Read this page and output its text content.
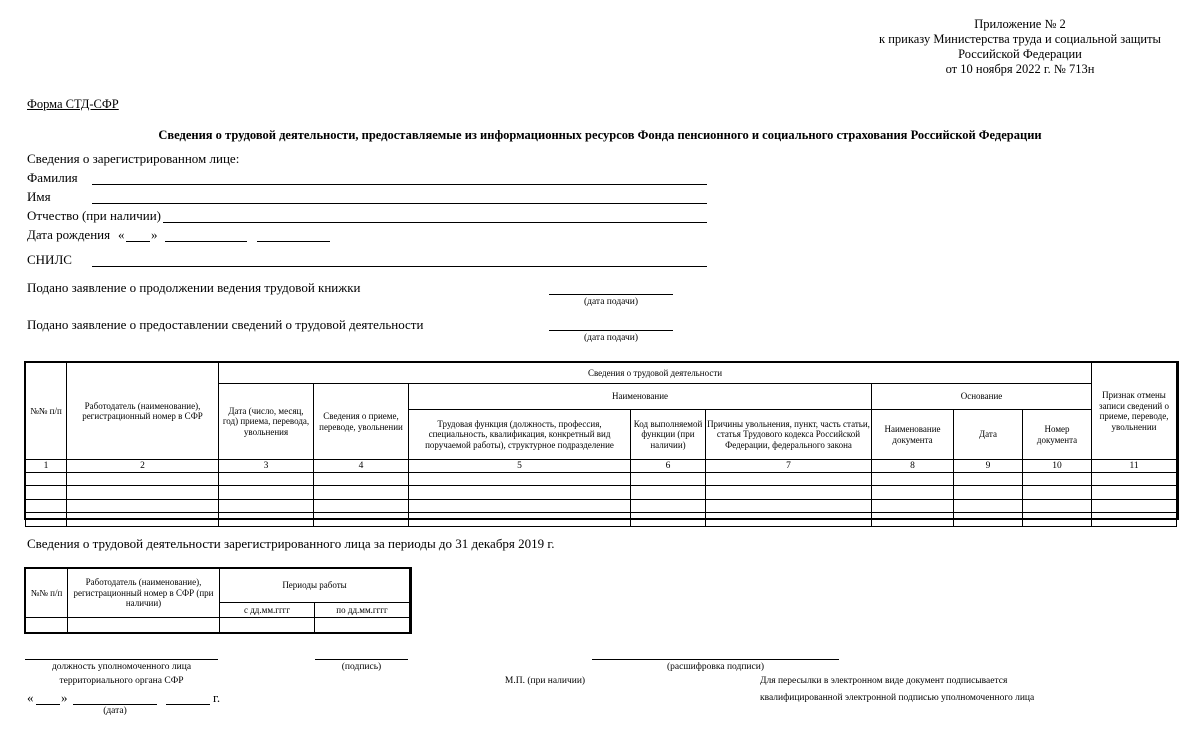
Приложение № 2
к приказу Министерства труда и социальной защиты
Российской Федерации
от 10 ноября 2022 г. № 713н
Форма СТД-СФР
Сведения о трудовой деятельности, предоставляемые из информационных ресурсов Фонда пенсионного и социального страхования Российской Федерации
Сведения о зарегистрированном лице:
Фамилия
Имя
Отчество (при наличии)
Дата рождения « »
СНИЛС
Подано заявление о продолжении ведения трудовой книжки
(дата подачи)
Подано заявление о предоставлении сведений о трудовой деятельности
(дата подачи)
№№ п/п	Работодатель (наименование), регистрационный номер в СФР	Сведения о трудовой деятельности								Признак отмены записи сведений о приеме, переводе, увольнении
		Дата (число, месяц, год) приема, перевода, увольнения	Сведения о приеме, переводе, увольнении	Наименование			Основание			
				Трудовая функция (должность, профессия, специальность, квалификация, конкретный вид поручаемой работы), структурное подразделение	Код выполняемой функции (при наличии)	Причины увольнения, пункт, часть статьи, статья Трудового кодекса Российской Федерации, федерального закона	Наименование документа	Дата	Номер документа	
1	2	3	4	5	6	7	8	9	10	11

Сведения о трудовой деятельности зарегистрированного лица за периоды до 31 декабря 2019 г.
№№ п/п	Работодатель (наименование), регистрационный номер в СФР (при наличии)	Периоды работы	
		с дд.мм.гггг	по дд.мм.гггг

должность уполномоченного лица
территориального органа СФР
(подпись)	(расшифровка подписи)
М.П. (при наличии)	Для пересылки в электронном виде документ подписывается
квалифицированной электронной подписью уполномоченного лица
« »	г.
(дата)
